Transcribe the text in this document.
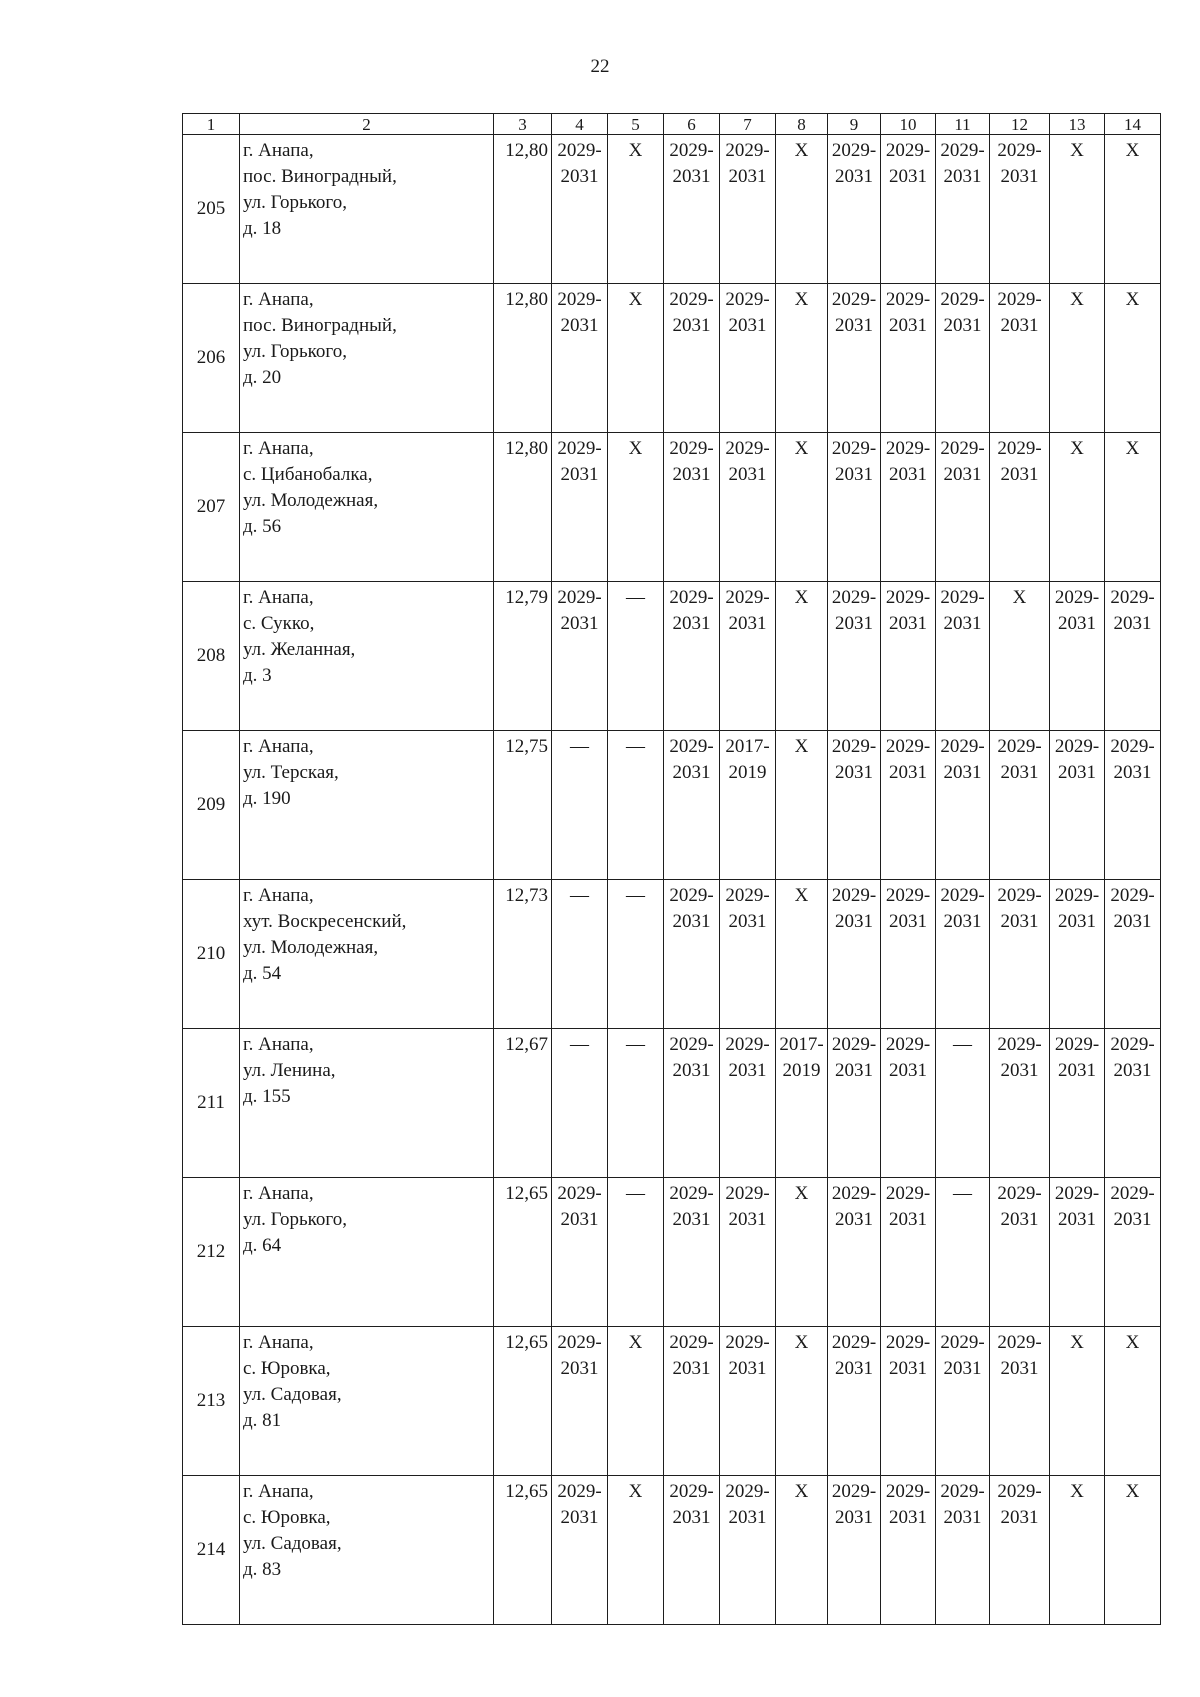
22
1	2	3	4	5	6	7	8	9	10	11	12	13	14
205	г. Анапа,
пос. Виноградный,
ул. Горького,
д. 18	12,80	2029-
2031	X	2029-
2031	2029-
2031	X	2029-
2031	2029-
2031	2029-
2031	2029-
2031	X	X

206	г. Анапа,
пос. Виноградный,
ул. Горького,
д. 20	12,80	2029-
2031	X	2029-
2031	2029-
2031	X	2029-
2031	2029-
2031	2029-
2031	2029-
2031	X	X

207	г. Анапа,
с. Цибанобалка,
ул. Молодежная,
д. 56	12,80	2029-
2031	X	2029-
2031	2029-
2031	X	2029-
2031	2029-
2031	2029-
2031	2029-
2031	X	X

208	г. Анапа,
с. Сукко,
ул. Желанная,
д. 3	12,79	2029-
2031	—	2029-
2031	2029-
2031	X	2029-
2031	2029-
2031	2029-
2031	X	2029-
2031	2029-
2031

209	г. Анапа,
ул. Терская,
д. 190	12,75	—	—	2029-
2031	2017-
2019	X	2029-
2031	2029-
2031	2029-
2031	2029-
2031	2029-
2031	2029-
2031

210	г. Анапа,
хут. Воскресенский,
ул. Молодежная,
д. 54	12,73	—	—	2029-
2031	2029-
2031	X	2029-
2031	2029-
2031	2029-
2031	2029-
2031	2029-
2031	2029-
2031

211	г. Анапа,
ул. Ленина,
д. 155	12,67	—	—	2029-
2031	2029-
2031	2017-
2019	2029-
2031	2029-
2031	—	2029-
2031	2029-
2031	2029-
2031

212	г. Анапа,
ул. Горького,
д. 64	12,65	2029-
2031	—	2029-
2031	2029-
2031	X	2029-
2031	2029-
2031	—	2029-
2031	2029-
2031	2029-
2031

213	г. Анапа,
с. Юровка,
ул. Садовая,
д. 81	12,65	2029-
2031	X	2029-
2031	2029-
2031	X	2029-
2031	2029-
2031	2029-
2031	2029-
2031	X	X

214	г. Анапа,
с. Юровка,
ул. Садовая,
д. 83	12,65	2029-
2031	X	2029-
2031	2029-
2031	X	2029-
2031	2029-
2031	2029-
2031	2029-
2031	X	X
